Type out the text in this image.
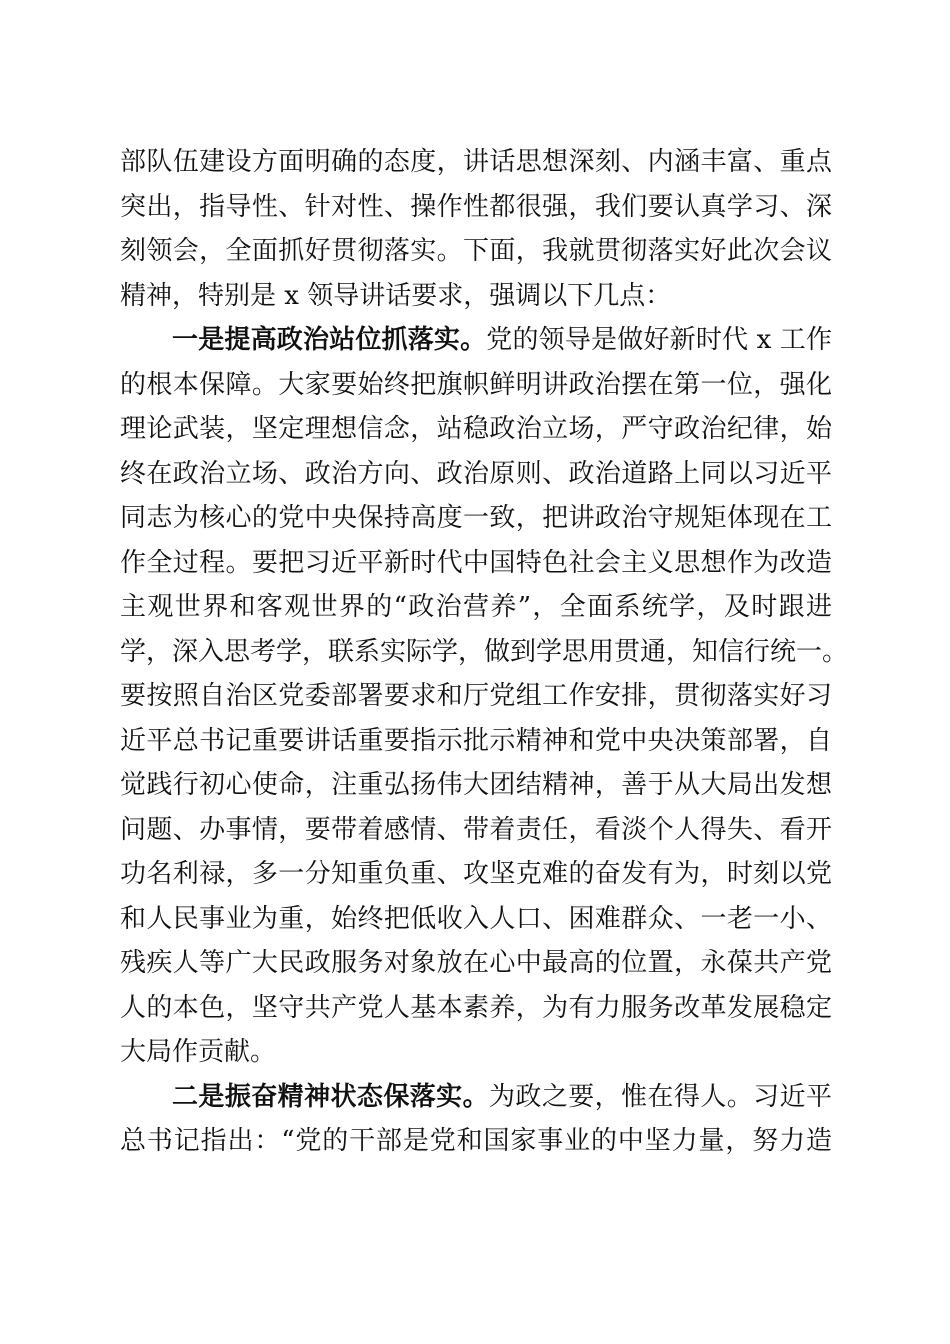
部队伍建设方面明确的态度，讲话思想深刻、内涵丰富、重点
突出，指导性、针对性、操作性都很强，我们要认真学习、深
刻领会，全面抓好贯彻落实。下面，我就贯彻落实好此次会议
精神，特别是 x 领导讲话要求，强调以下几点：
一是提高政治站位抓落实。党的领导是做好新时代 x 工作
的根本保障。大家要始终把旗帜鲜明讲政治摆在第一位，强化
理论武装，坚定理想信念，站稳政治立场，严守政治纪律，始
终在政治立场、政治方向、政治原则、政治道路上同以习近平
同志为核心的党中央保持高度一致，把讲政治守规矩体现在工
作全过程。要把习近平新时代中国特色社会主义思想作为改造
主观世界和客观世界的“政治营养”，全面系统学，及时跟进
学，深入思考学，联系实际学，做到学思用贯通，知信行统一。
要按照自治区党委部署要求和厅党组工作安排，贯彻落实好习
近平总书记重要讲话重要指示批示精神和党中央决策部署，自
觉践行初心使命，注重弘扬伟大团结精神，善于从大局出发想
问题、办事情，要带着感情、带着责任，看淡个人得失、看开
功名利禄，多一分知重负重、攻坚克难的奋发有为，时刻以党
和人民事业为重，始终把低收入人口、困难群众、一老一小、
残疾人等广大民政服务对象放在心中最高的位置，永葆共产党
人的本色，坚守共产党人基本素养，为有力服务改革发展稳定
大局作贡献。
二是振奋精神状态保落实。为政之要，惟在得人。习近平
总书记指出：“党的干部是党和国家事业的中坚力量，努力造
